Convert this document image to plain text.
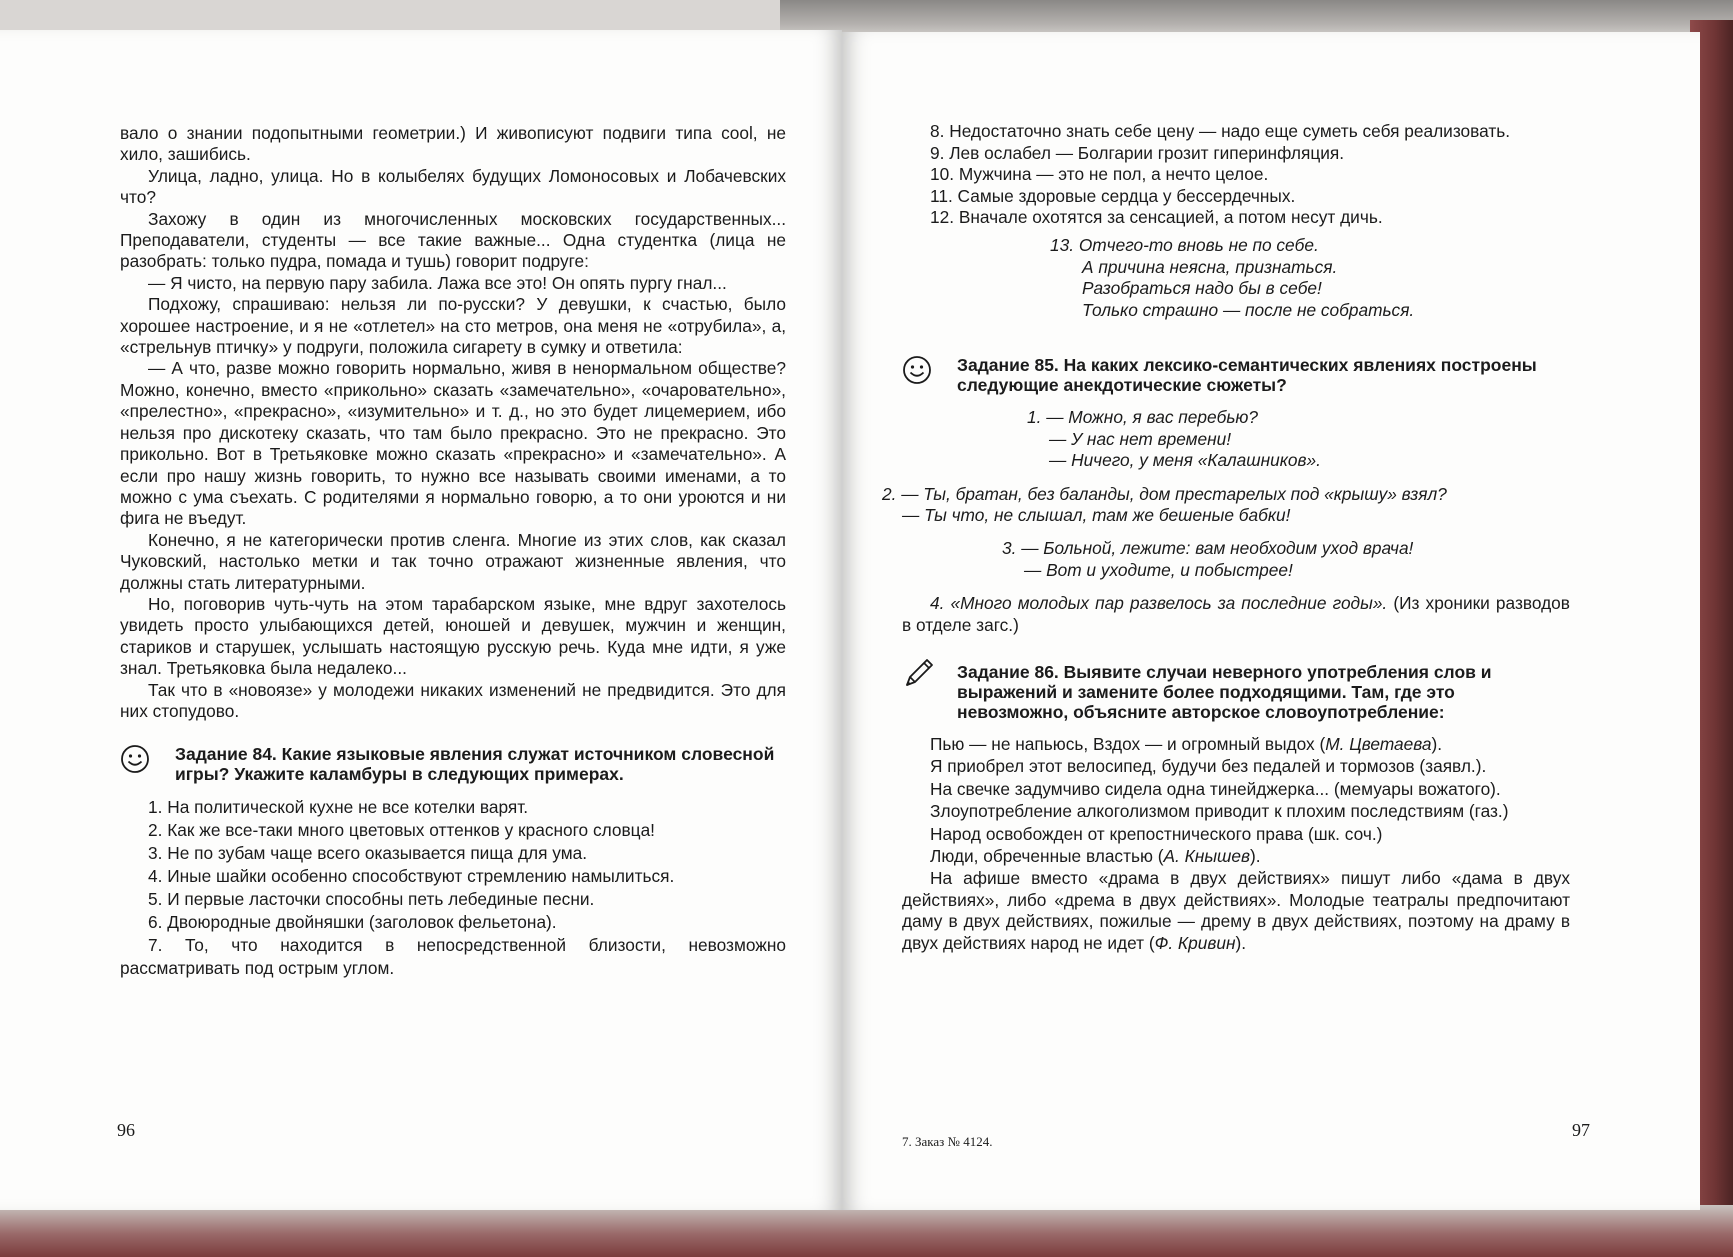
вало о знании подопытными геометрии.) И живописуют подвиги типа cool, не хило, зашибись.

Улица, ладно, улица. Но в колыбелях будущих Ломоносовых и Лобачевских что?

Захожу в один из многочисленных московских государственных... Преподаватели, студенты — все такие важные... Одна студентка (лица не разобрать: только пудра, помада и тушь) говорит подруге:

— Я чисто, на первую пару забила. Лажа все это! Он опять пургу гнал...

Подхожу, спрашиваю: нельзя ли по-русски? У девушки, к счастью, было хорошее настроение, и я не «отлетел» на сто метров, она меня не «отрубила», а, «стрельнув птичку» у подруги, положила сигарету в сумку и ответила:

— А что, разве можно говорить нормально, живя в ненормальном обществе? Можно, конечно, вместо «прикольно» сказать «замечательно», «очаровательно», «прелестно», «прекрасно», «изумительно» и т. д., но это будет лицемерием, ибо нельзя про дискотеку сказать, что там было прекрасно. Это не прекрасно. Это прикольно. Вот в Третьяковке можно сказать «прекрасно» и «замечательно». А если про нашу жизнь говорить, то нужно все называть своими именами, а то можно с ума съехать. С родителями я нормально говорю, а то они уроются и ни фига не въедут.

Конечно, я не категорически против сленга. Многие из этих слов, как сказал Чуковский, настолько метки и так точно отражают жизненные явления, что должны стать литературными.

Но, поговорив чуть-чуть на этом тарабарском языке, мне вдруг захотелось увидеть просто улыбающихся детей, юношей и девушек, мужчин и женщин, стариков и старушек, услышать настоящую русскую речь. Куда мне идти, я уже знал. Третьяковка была недалеко...

Так что в «новоязе» у молодежи никаких изменений не предвидится. Это для них стопудово.

Задание 84. Какие языковые явления служат источником словесной игры? Укажите каламбуры в следующих примерах.

1. На политической кухне не все котелки варят.

2. Как же все-таки много цветовых оттенков у красного словца!

3. Не по зубам чаще всего оказывается пища для ума.

4. Иные шайки особенно способствуют стремлению намылиться.

5. И первые ласточки способны петь лебединые песни.

6. Двоюродные двойняшки (заголовок фельетона).

7. То, что находится в непосредственной близости, невозможно рассматривать под острым углом.

96

8. Недостаточно знать себе цену — надо еще суметь себя реализовать.

9. Лев ослабел — Болгарии грозит гиперинфляция.

10. Мужчина — это не пол, а нечто целое.

11. Самые здоровые сердца у бессердечных.

12. Вначале охотятся за сенсацией, а потом несут дичь.

13. Отчего-то вновь не по себе.
А причина неясна, признаться.
Разобраться надо бы в себе!
Только страшно — после не собраться.
Задание 85. На каких лексико-семантических явлениях построены следующие анекдотические сюжеты?
1. — Можно, я вас перебью?
— У нас нет времени!
— Ничего, у меня «Калашников».
2. — Ты, братан, без баланды, дом престарелых под «крышу» взял?
— Ты что, не слышал, там же бешеные бабки!
3. — Больной, лежите: вам необходим уход врача!
— Вот и уходите, и побыстрее!

4. «Много молодых пар развелось за последние годы». (Из хроники разводов в отделе загс.)

Задание 86. Выявите случаи неверного употребления слов и выражений и замените более подходящими. Там, где это невозможно, объясните авторское словоупотребление:

Пью — не напьюсь, Вздох — и огромный выдох (М. Цветаева).

Я приобрел этот велосипед, будучи без педалей и тормозов (заявл.).

На свечке задумчиво сидела одна тинейджерка... (мемуары вожатого).

Злоупотребление алкоголизмом приводит к плохим последствиям (газ.)

Народ освобожден от крепостнического права (шк. соч.)

Люди, обреченные властью (А. Кнышев).

На афише вместо «драма в двух действиях» пишут либо «дама в двух действиях», либо «дрема в двух действиях». Молодые театралы предпочитают даму в двух действиях, пожилые — дрему в двух действиях, поэтому на драму в двух действиях народ не идет (Ф. Кривин).

7. Заказ № 4124.
97
